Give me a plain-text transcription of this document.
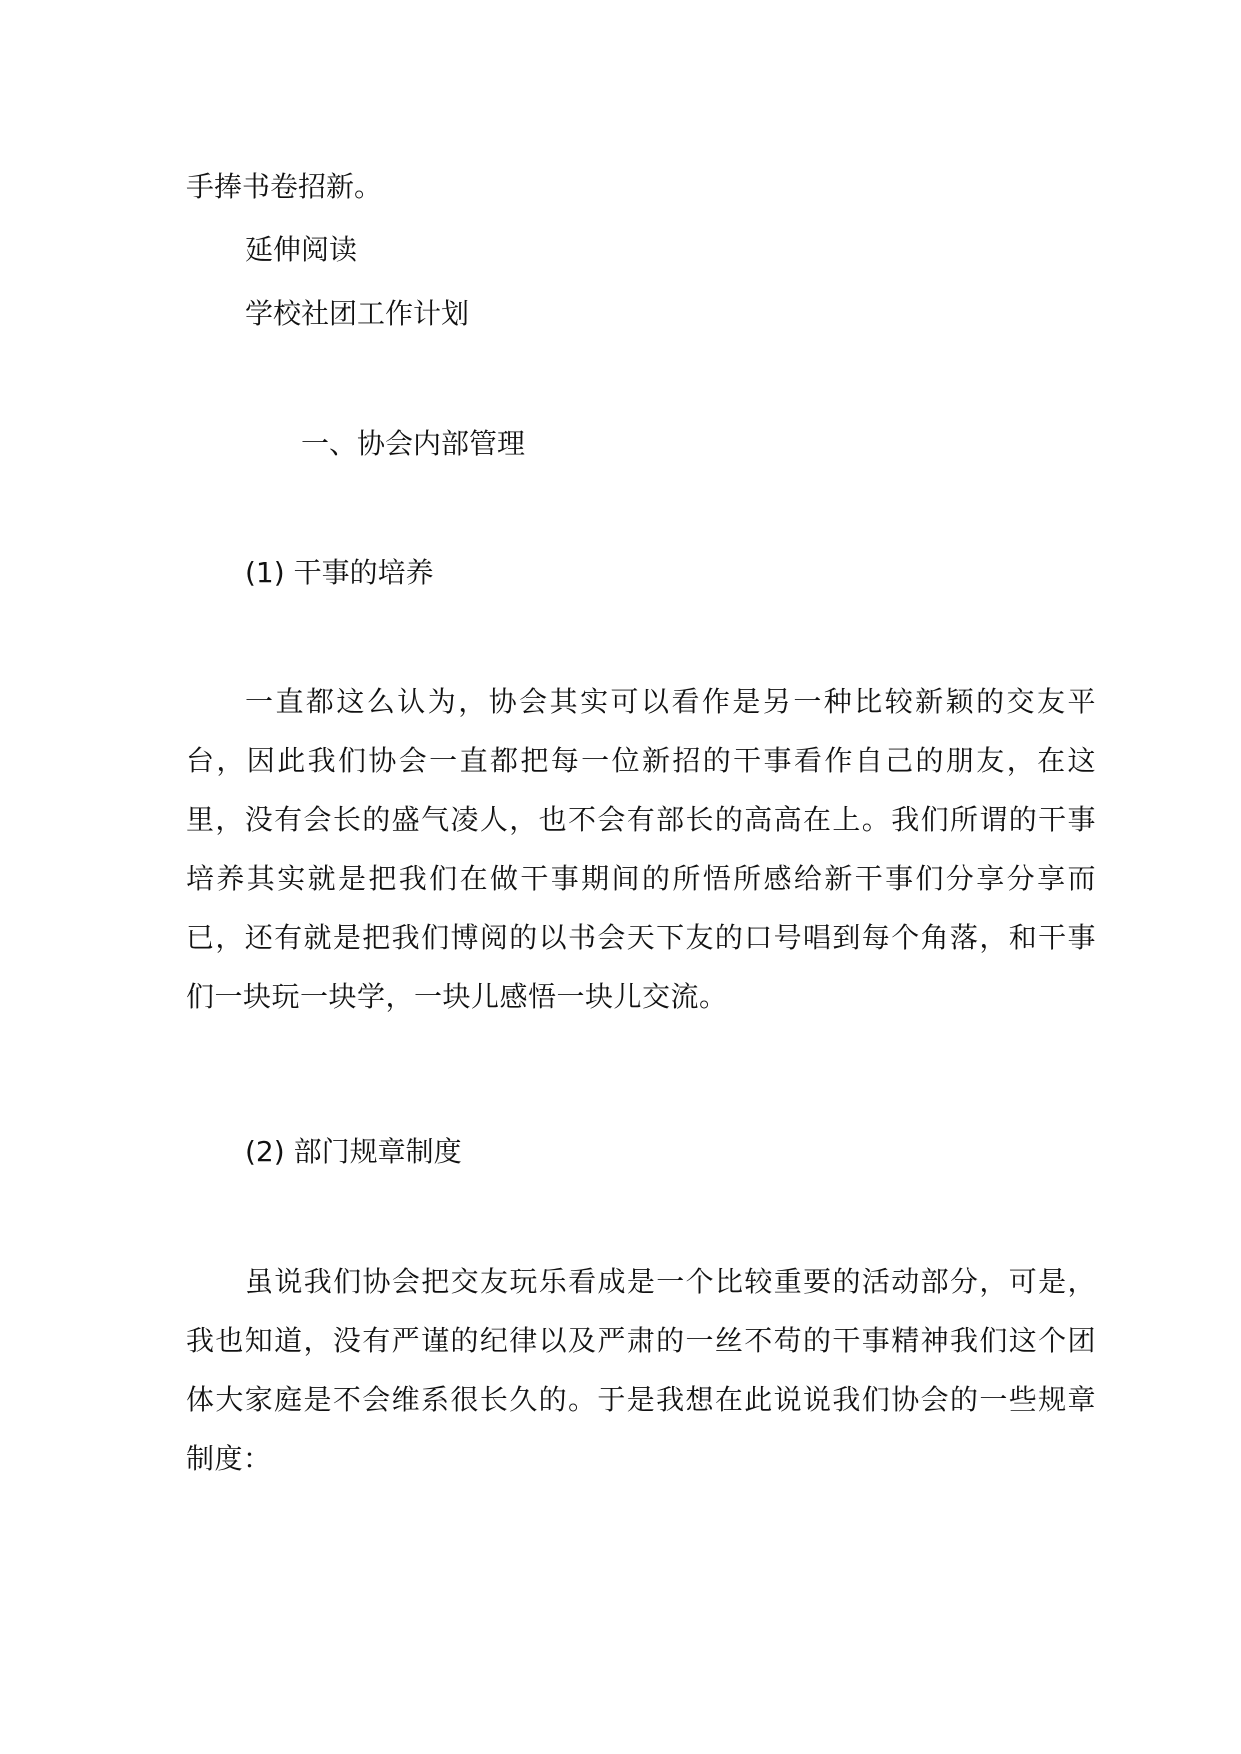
手捧书卷招新。
延伸阅读
学校社团工作计划
一、协会内部管理
(1) 干事的培养

一直都这么认为，协会其实可以看作是另一种比较新颖的交友平台，因此我们协会一直都把每一位新招的干事看作自己的朋友，在这里，没有会长的盛气凌人，也不会有部长的高高在上。我们所谓的干事培养其实就是把我们在做干事期间的所悟所感给新干事们分享分享而已，还有就是把我们博阅的以书会天下友的口号唱到每个角落，和干事们一块玩一块学，一块儿感悟一块儿交流。

(2) 部门规章制度

虽说我们协会把交友玩乐看成是一个比较重要的活动部分，可是，我也知道，没有严谨的纪律以及严肃的一丝不苟的干事精神我们这个团体大家庭是不会维系很长久的。于是我想在此说说我们协会的一些规章制度：
